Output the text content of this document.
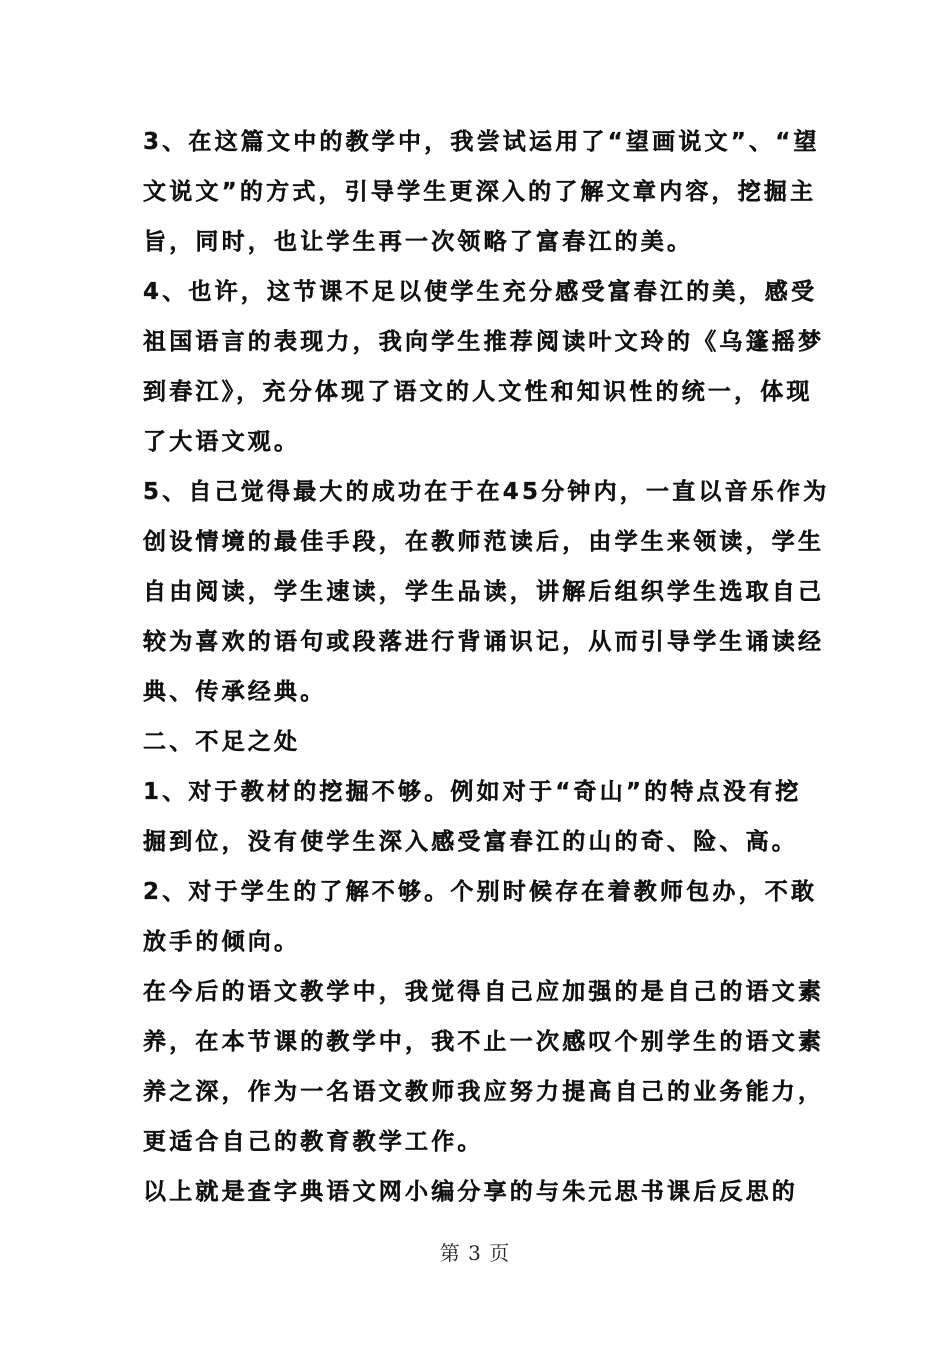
3、在这篇文中的教学中，我尝试运用了“望画说文”、“望
文说文”的方式，引导学生更深入的了解文章内容，挖掘主
旨，同时，也让学生再一次领略了富春江的美。
4、也许，这节课不足以使学生充分感受富春江的美，感受
祖国语言的表现力，我向学生推荐阅读叶文玲的《乌篷摇梦
到春江》，充分体现了语文的人文性和知识性的统一，体现
了大语文观。
5、自己觉得最大的成功在于在45分钟内，一直以音乐作为
创设情境的最佳手段，在教师范读后，由学生来领读，学生
自由阅读，学生速读，学生品读，讲解后组织学生选取自己
较为喜欢的语句或段落进行背诵识记，从而引导学生诵读经
典、传承经典。
二、不足之处
1、对于教材的挖掘不够。例如对于“奇山”的特点没有挖
掘到位，没有使学生深入感受富春江的山的奇、险、高。
2、对于学生的了解不够。个别时候存在着教师包办，不敢
放手的倾向。
在今后的语文教学中，我觉得自己应加强的是自己的语文素
养，在本节课的教学中，我不止一次感叹个别学生的语文素
养之深，作为一名语文教师我应努力提高自己的业务能力，
更适合自己的教育教学工作。
以上就是查字典语文网小编分享的与朱元思书课后反思的
第 3 页
